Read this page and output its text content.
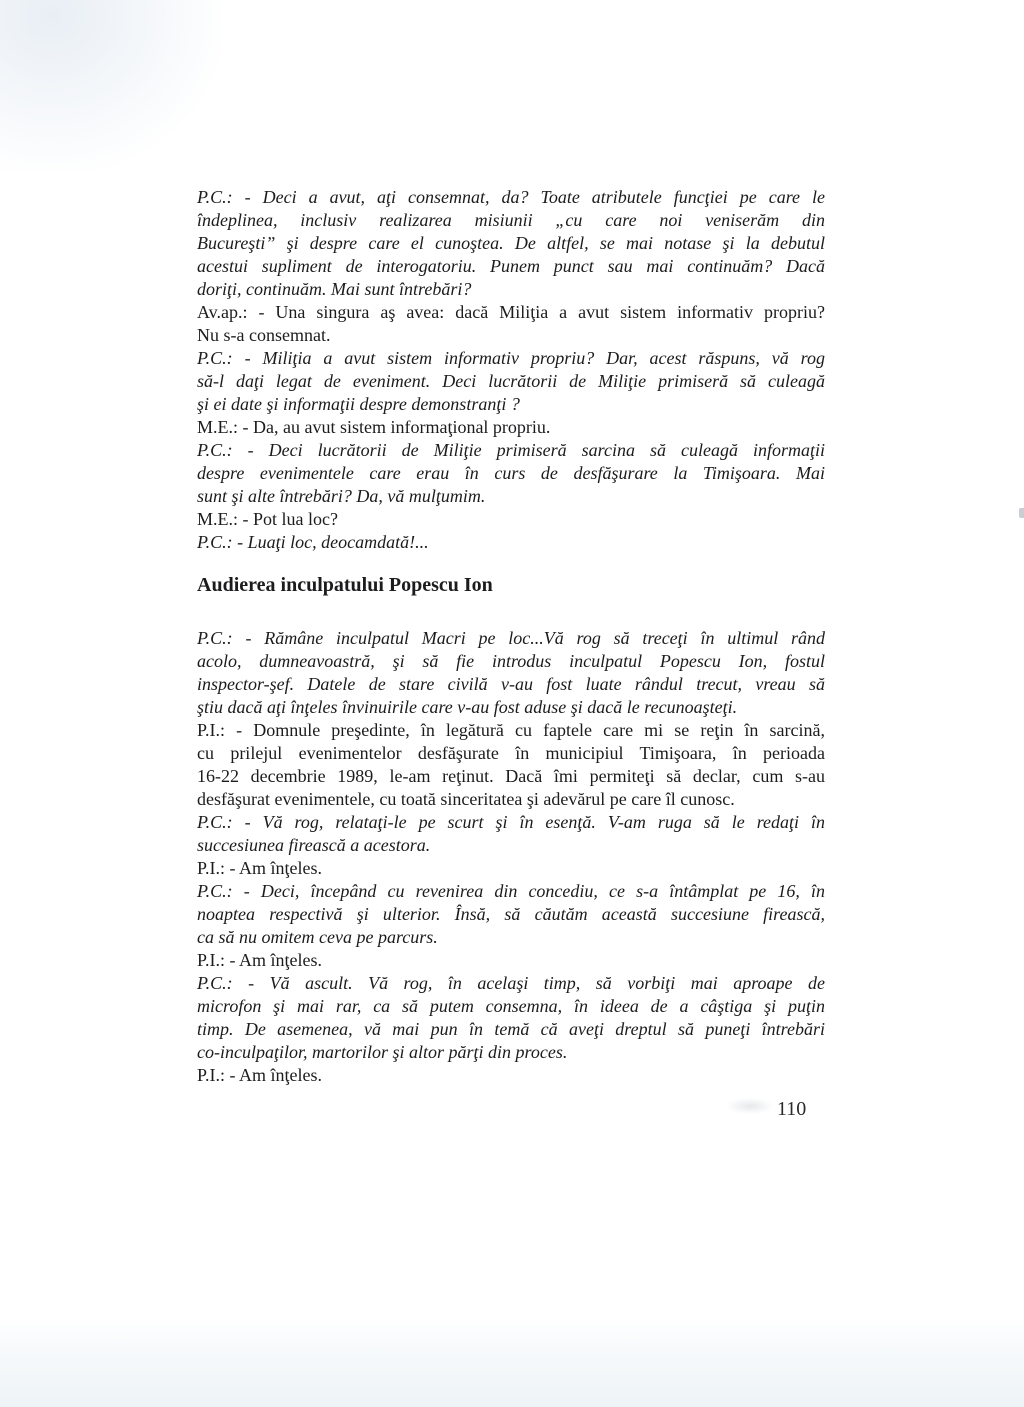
P.C.: - Deci a avut, aţi consemnat, da? Toate atributele funcţiei pe care le
îndeplinea, inclusiv realizarea misiunii „cu care noi veniserăm din
Bucureşti” şi despre care el cunoştea. De altfel, se mai notase şi la debutul
acestui supliment de interogatoriu. Punem punct sau mai continuăm? Dacă
doriţi, continuăm. Mai sunt întrebări?

Av.ap.: - Una singura aş avea: dacă Miliţia a avut sistem informativ propriu?
Nu s-a consemnat.

P.C.: - Miliţia a avut sistem informativ propriu? Dar, acest răspuns, vă rog
să-l daţi legat de eveniment. Deci lucrătorii de Miliţie primiseră să culeagă
şi ei date şi informaţii despre demonstranţi ?

M.E.: - Da, au avut sistem informaţional propriu.

P.C.: - Deci lucrătorii de Miliţie primiseră sarcina să culeagă informaţii
despre evenimentele care erau în curs de desfăşurare la Timişoara. Mai
sunt şi alte întrebări? Da, vă mulţumim.

M.E.: - Pot lua loc?

P.C.: - Luaţi loc, deocamdată!...

Audierea inculpatului Popescu Ion

P.C.: - Rămâne inculpatul Macri pe loc...Vă rog să treceţi în ultimul rând
acolo, dumneavoastră, şi să fie introdus inculpatul Popescu Ion, fostul
inspector-şef. Datele de stare civilă v-au fost luate rândul trecut, vreau să
ştiu dacă aţi înţeles învinuirile care v-au fost aduse şi dacă le recunoaşteţi.

P.I.: - Domnule preşedinte, în legătură cu faptele care mi se reţin în sarcină,
cu prilejul evenimentelor desfăşurate în municipiul Timişoara, în perioada
16-22 decembrie 1989, le-am reţinut. Dacă îmi permiteţi să declar, cum s-au
desfăşurat evenimentele, cu toată sinceritatea şi adevărul pe care îl cunosc.

P.C.: - Vă rog, relataţi-le pe scurt şi în esenţă. V-am ruga să le redaţi în
succesiunea firească a acestora.

P.I.: - Am înţeles.

P.C.: - Deci, începând cu revenirea din concediu, ce s-a întâmplat pe 16, în
noaptea respectivă şi ulterior. Însă, să căutăm această succesiune firească,
ca să nu omitem ceva pe parcurs.

P.I.: - Am înţeles.

P.C.: - Vă ascult. Vă rog, în acelaşi timp, să vorbiţi mai aproape de
microfon şi mai rar, ca să putem consemna, în ideea de a câştiga şi puţin
timp. De asemenea, vă mai pun în temă că aveţi dreptul să puneţi întrebări
co-inculpaţilor, martorilor şi altor părţi din proces.

P.I.: - Am înţeles.

110
